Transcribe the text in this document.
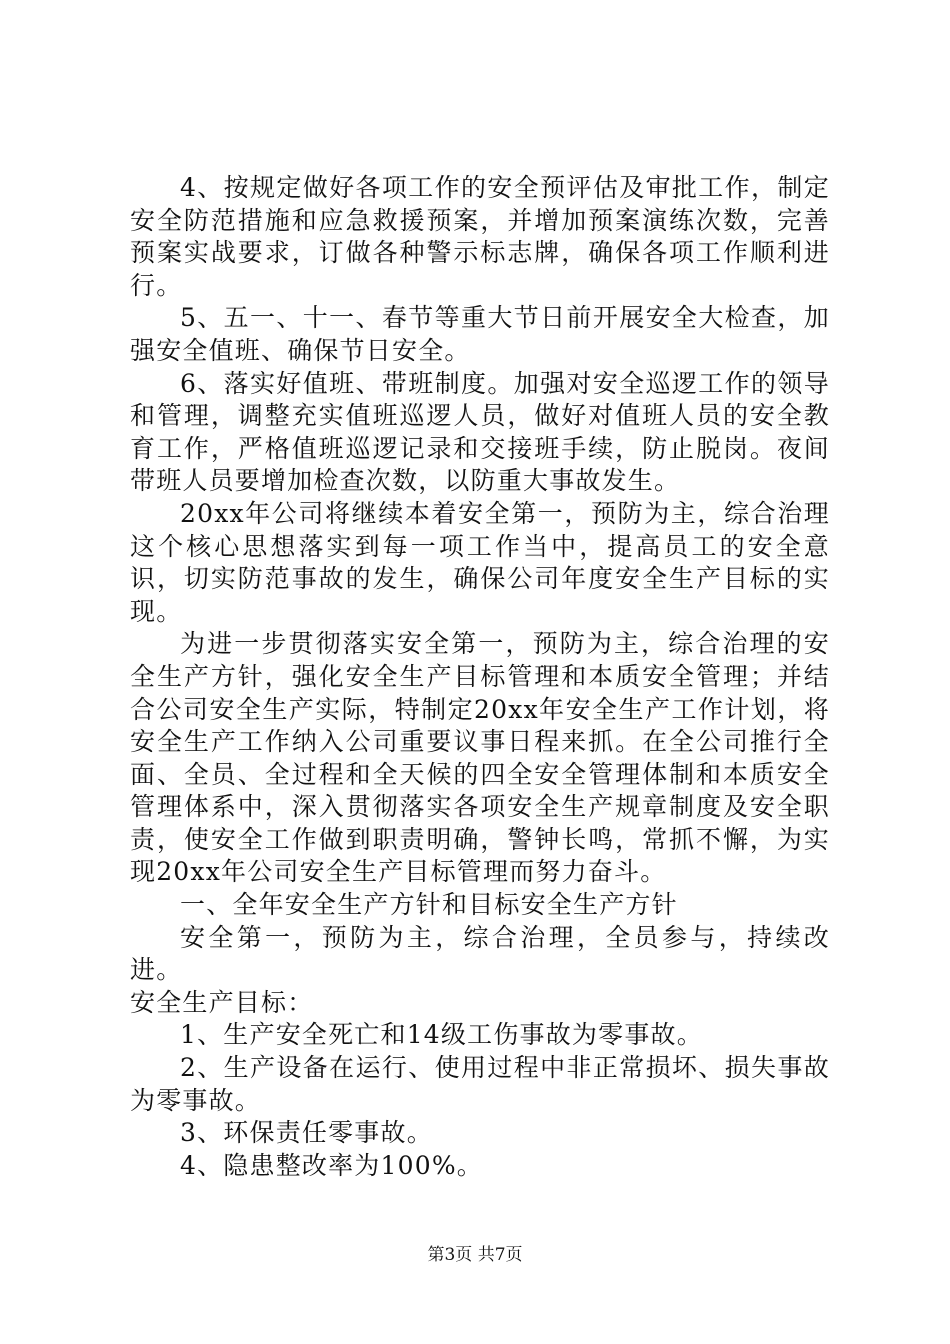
4、按规定做好各项工作的安全预评估及审批工作，制定安全防范措施和应急救援预案，并增加预案演练次数，完善预案实战要求，订做各种警示标志牌，确保各项工作顺利进行。

5、五一、十一、春节等重大节日前开展安全大检查，加强安全值班、确保节日安全。

6、落实好值班、带班制度。加强对安全巡逻工作的领导和管理，调整充实值班巡逻人员，做好对值班人员的安全教育工作，严格值班巡逻记录和交接班手续，防止脱岗。夜间带班人员要增加检查次数，以防重大事故发生。

20xx年公司将继续本着安全第一，预防为主，综合治理这个核心思想落实到每一项工作当中，提高员工的安全意识，切实防范事故的发生，确保公司年度安全生产目标的实现。

为进一步贯彻落实安全第一，预防为主，综合治理的安全生产方针，强化安全生产目标管理和本质安全管理；并结合公司安全生产实际，特制定20xx年安全生产工作计划，将安全生产工作纳入公司重要议事日程来抓。在全公司推行全面、全员、全过程和全天候的四全安全管理体制和本质安全管理体系中，深入贯彻落实各项安全生产规章制度及安全职责，使安全工作做到职责明确，警钟长鸣，常抓不懈，为实现20xx年公司安全生产目标管理而努力奋斗。

一、全年安全生产方针和目标安全生产方针

安全第一，预防为主，综合治理，全员参与，持续改进。

安全生产目标：

1、生产安全死亡和14级工伤事故为零事故。

2、生产设备在运行、使用过程中非正常损坏、损失事故为零事故。

3、环保责任零事故。

4、隐患整改率为100%。

第3页 共7页
